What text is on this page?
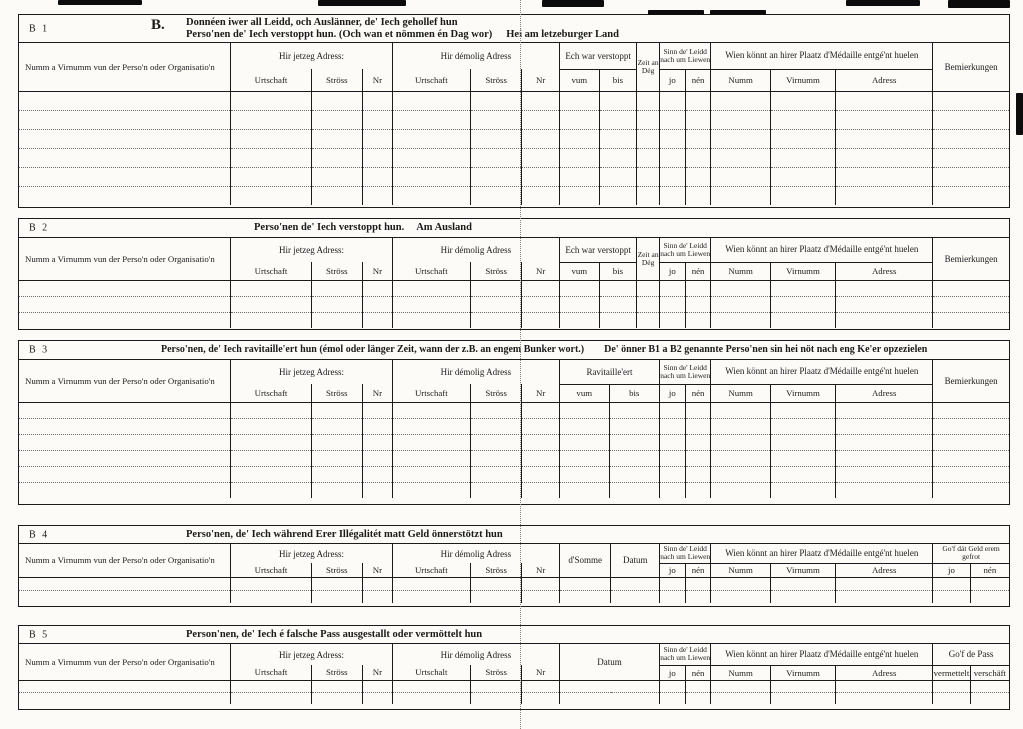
B 1	B. Donnéen iwer all Leidd, och Auslänner, de' Iech gehollef hun
Perso'nen de' Iech verstoppt hun. (Och wan et nömmen én Dag wor) Hei am letzeburger Land
Numm a Virnumm vun der Perso'n oder Organisatio'n	Hir jetzeg Adress:			Hir démolig Adress			Ech war verstoppt		Zeit an Dég	Sinn de' Leidd nach um Liewen		Wien könnt an hirer Plaatz d'Médaille entgé'nt huelen			Bemierkungen
	Urtschaft	Ströss	Nr	Urtschaft	Ströss	Nr	vum	bis		jo	nén	Numm	Virnumm	Adress	

B 2	Perso'nen de' Iech verstoppt hun. Am Ausland
Numm a Virnumm vun der Perso'n oder Organisatio'n	Hir jetzeg Adress:			Hir démolig Adress			Ech war verstoppt		Zeit an Dég	Sinn de' Leidd nach um Liewen		Wien könnt an hirer Plaatz d'Médaille entgé'nt huelen			Bemierkungen
	Urtschaft	Ströss	Nr	Urtschaft	Ströss	Nr	vum	bis		jo	nén	Numm	Virnumm	Adress	

B 3	Perso'nen, de' Iech ravitaille'ert hun (émol oder länger Zeit, wann der z.B. an engem Bunker wort.) De' önner B1 a B2 genannte Perso'nen sin hei nöt nach eng Ke'er opzezielen
Numm a Virnumm vun der Perso'n oder Organisatio'n	Hir jetzeg Adress:			Hir démolig Adress			Ravitaille'ert		Sinn de' Leidd nach um Liewen		Wien könnt an hirer Plaatz d'Médaille entgé'nt huelen			Bemierkungen
	Urtschaft	Ströss	Nr	Urtschaft	Ströss	Nr	vum	bis	jo	nén	Numm	Virnumm	Adress	

B 4	Perso'nen, de' Iech während Erer Illégalitét matt Geld önnerstötzt hun
Numm a Virnumm vun der Perso'n oder Organisatio'n	Hir jetzeg Adress:			Hir démolig Adress			d'Somme	Datum	Sinn de' Leidd nach um Liewen		Wien könnt an hirer Plaatz d'Médaille entgé'nt huelen			Go'f dát Geld erem gefrot	
	Urtschaft	Ströss	Nr	Urtschaft	Ströss	Nr			jo	nén	Numm	Virnumm	Adress	jo	nén

B 5	Person'nen, de' Iech é falsche Pass ausgestallt oder vermöttelt hun
Numm a Virnumm vun der Perso'n oder Organisatio'n	Hir jetzeg Adress:			Hir démolig Adress			Datum	Sinn de' Leidd nach um Liewen		Wien könnt an hirer Plaatz d'Médaille entgé'nt huelen			Go'f de Pass	
	Urtschaft	Ströss	Nr	Urtschalt	Ströss	Nr		jo	nén	Numm	Virnumm	Adress	vermettelt	verschäft
